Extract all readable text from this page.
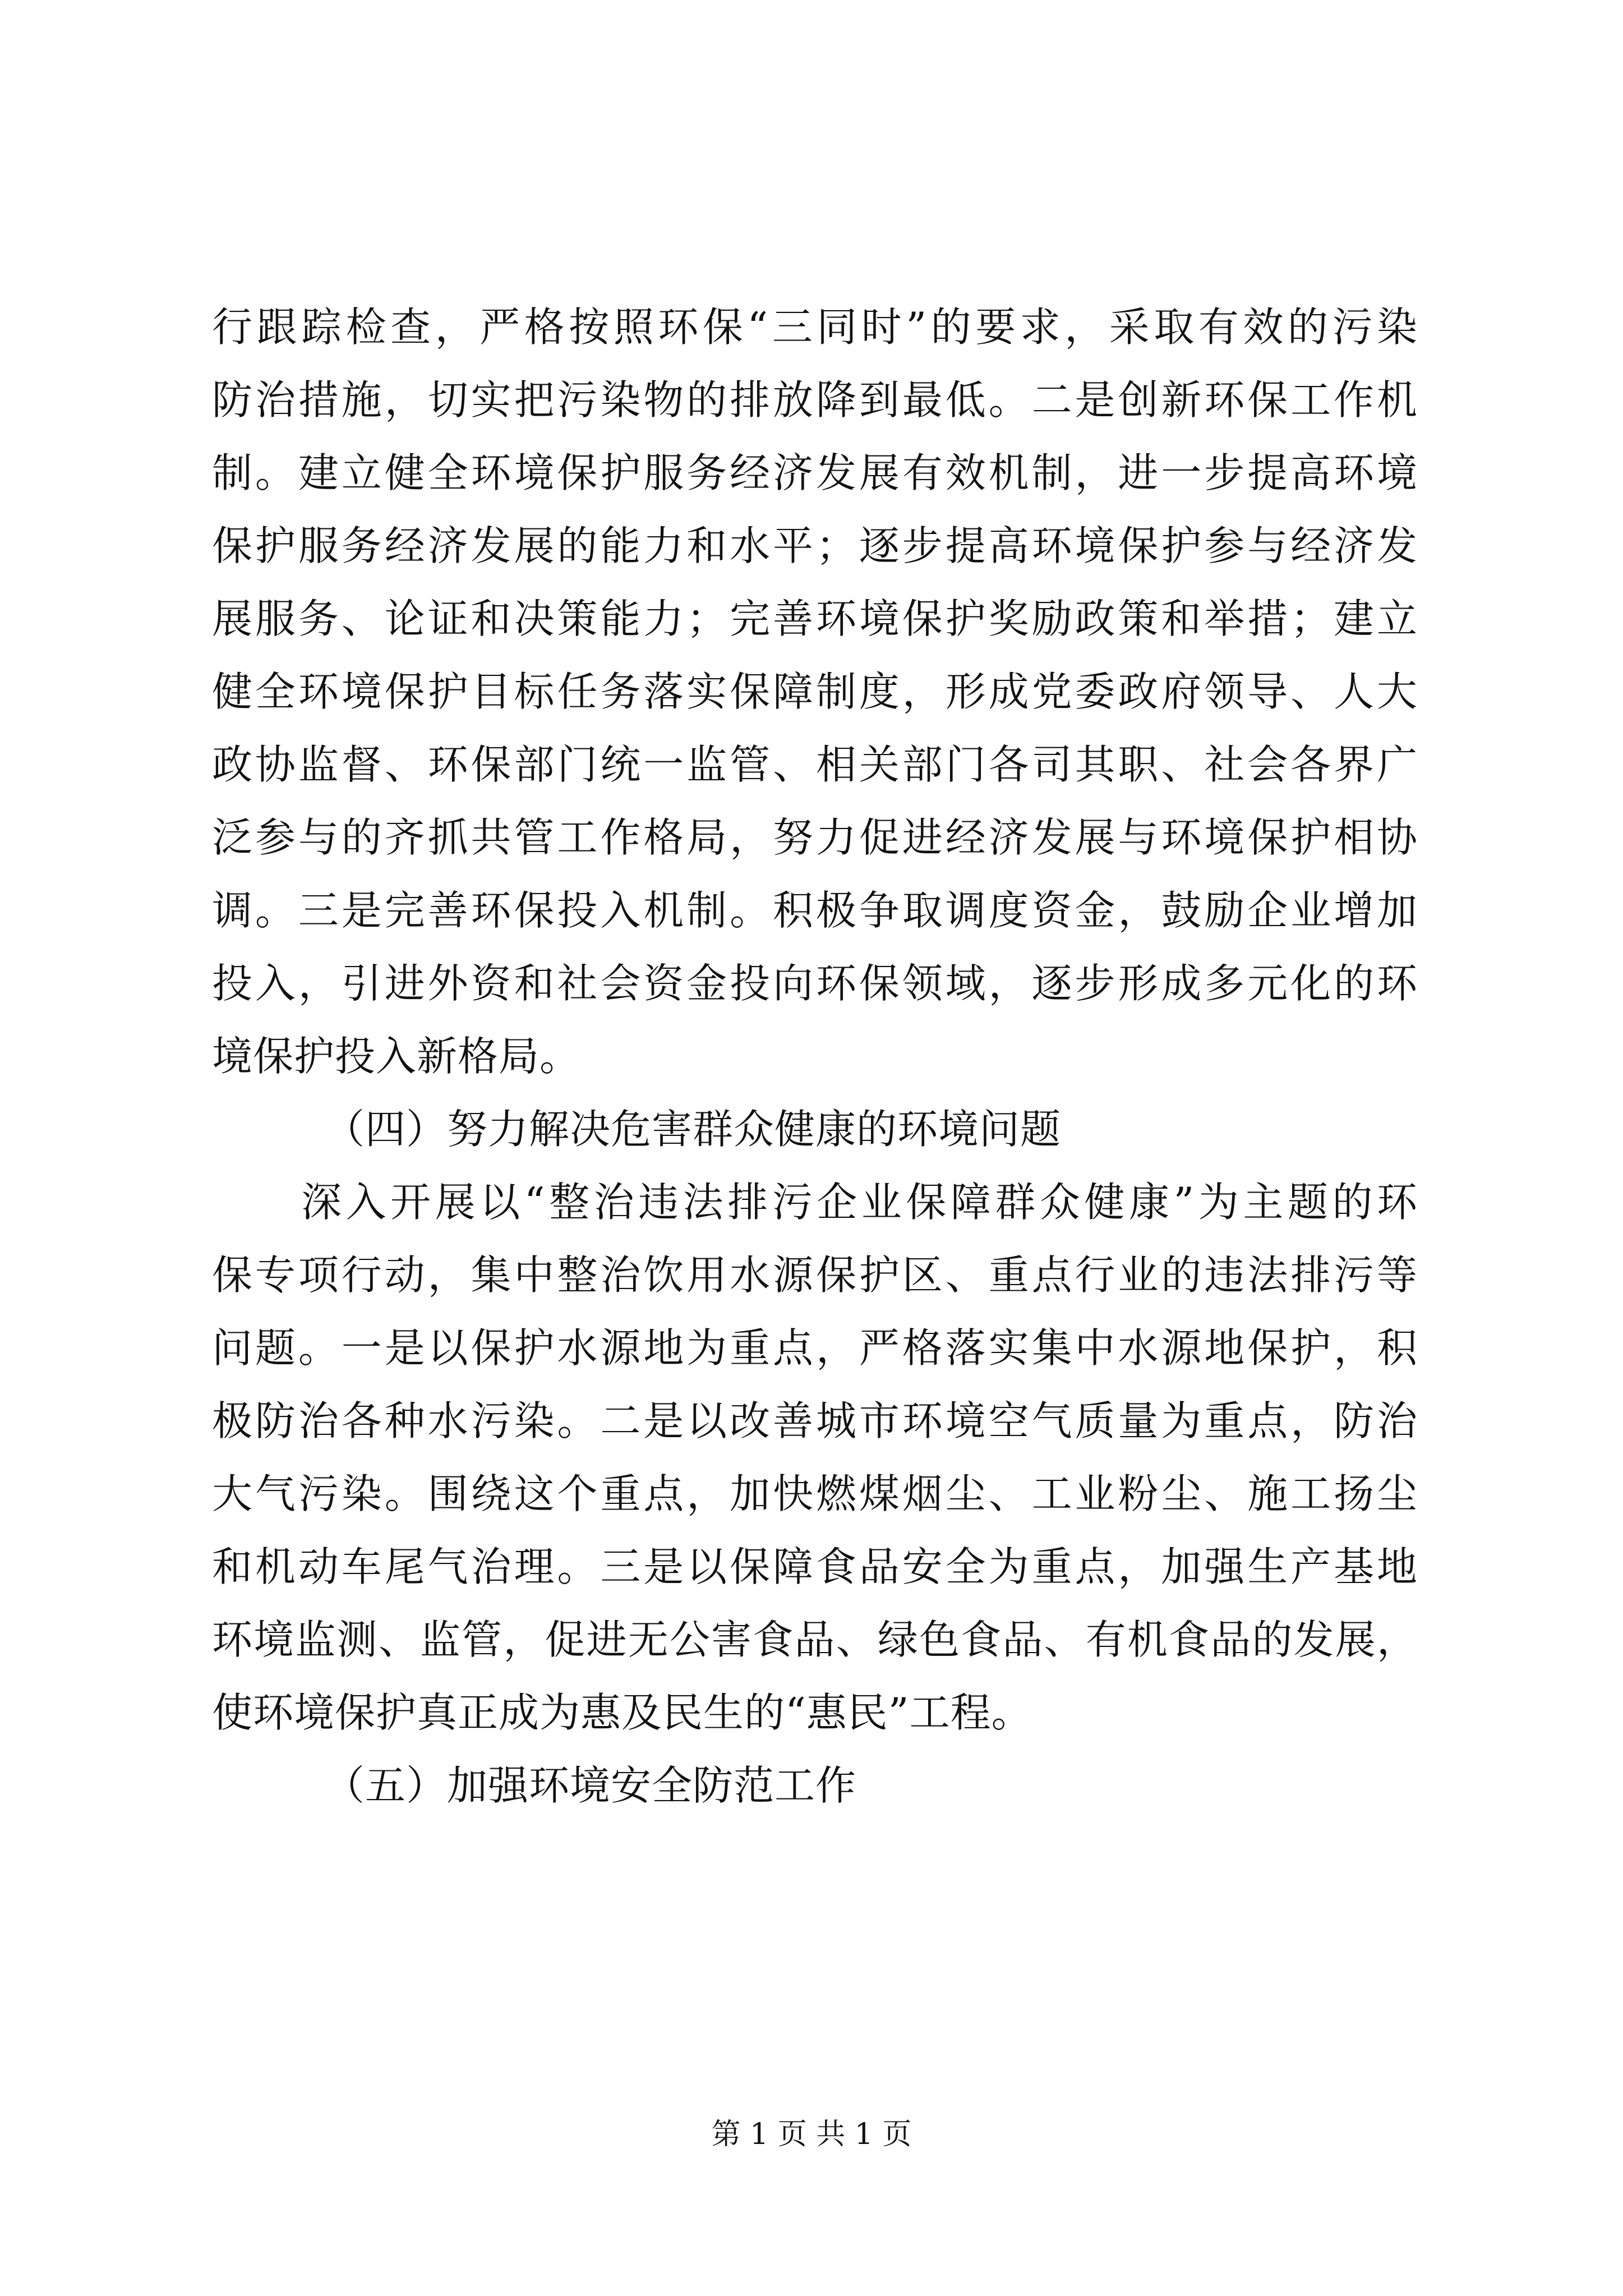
行跟踪检查，严格按照环保“三同时”的要求，采取有效的污染
防治措施，切实把污染物的排放降到最低。二是创新环保工作机
制。建立健全环境保护服务经济发展有效机制，进一步提高环境
保护服务经济发展的能力和水平；逐步提高环境保护参与经济发
展服务、论证和决策能力；完善环境保护奖励政策和举措；建立
健全环境保护目标任务落实保障制度，形成党委政府领导、人大
政协监督、环保部门统一监管、相关部门各司其职、社会各界广
泛参与的齐抓共管工作格局，努力促进经济发展与环境保护相协
调。三是完善环保投入机制。积极争取调度资金，鼓励企业增加
投入，引进外资和社会资金投向环保领域，逐步形成多元化的环
境保护投入新格局。
（四）努力解决危害群众健康的环境问题
　　深入开展以“整治违法排污企业保障群众健康”为主题的环
保专项行动，集中整治饮用水源保护区、重点行业的违法排污等
问题。一是以保护水源地为重点，严格落实集中水源地保护，积
极防治各种水污染。二是以改善城市环境空气质量为重点，防治
大气污染。围绕这个重点，加快燃煤烟尘、工业粉尘、施工扬尘
和机动车尾气治理。三是以保障食品安全为重点，加强生产基地
环境监测、监管，促进无公害食品、绿色食品、有机食品的发展，
使环境保护真正成为惠及民生的“惠民”工程。
（五）加强环境安全防范工作
第 1 页 共 1 页
